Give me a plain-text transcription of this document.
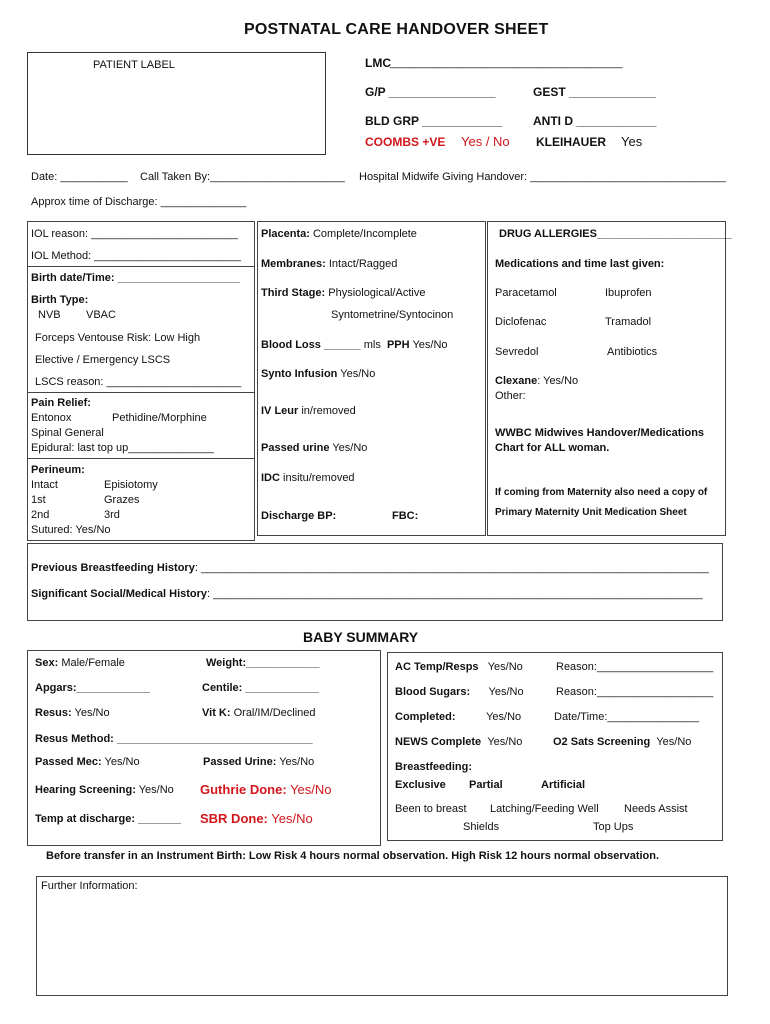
POSTNATAL CARE HANDOVER SHEET
PATIENT LABEL	LMC ______________________________________
G/P ________________	GEST _____________
BLD GRP ____________	ANTI D ____________
COOMBS +VE Yes / No KLEIHAUER Yes
Date: ___________ Call Taken By:______________________ Hospital Midwife Giving Handover: ________________________________
Approx time of Discharge: ______________
IOL reason: ________________________
IOL Method: ________________________
Birth date/Time: ____________________
Birth Type:
NVB VBAC
Forceps Ventouse Risk: Low High
Elective / Emergency LSCS
LSCS reason: ______________________
Pain Relief:
Entonox	Pethidine/Morphine
Spinal General
Epidural: last top up______________
Perineum:
Intact	Episiotomy
1st	Grazes
2nd	3rd
Sutured: Yes/No
Placenta: Complete/Incomplete
Membranes: Intact/Ragged
Third Stage: Physiological/Active
Syntometrine/Syntocinon
Blood Loss ______ mls PPH Yes/No
Synto Infusion Yes/No
IV Leur in/removed
Passed urine Yes/No
IDC insitu/removed
Discharge BP:	FBC:
DRUG ALLERGIES______________________
Medications and time last given:
Paracetamol	Ibuprofen
Diclofenac	Tramadol
Sevredol	Antibiotics
Clexane: Yes/No
Other:
WWBC Midwives Handover/Medications
Chart for ALL woman.
If coming from Maternity also need a copy of
Primary Maternity Unit Medication Sheet
Previous Breastfeeding History: ___________________________________________________________________________________
Significant Social/Medical History: ________________________________________________________________________________
BABY SUMMARY
Sex: Male/Female	Weight:____________
Apgars:____________	Centile: ____________
Resus: Yes/No	Vit K: Oral/IM/Declined
Resus Method: ________________________________
Passed Mec: Yes/No	Passed Urine: Yes/No
Hearing Screening: Yes/No Guthrie Done: Yes/No
Temp at discharge: _______ SBR Done: Yes/No
AC Temp/Resps Yes/No	Reason:___________________
Blood Sugars: Yes/No	Reason:___________________
Completed:	Yes/No	Date/Time:_______________
NEWS Complete Yes/No	O2 Sats Screening Yes/No
Breastfeeding:
Exclusive Partial	Artificial
Been to breast Latching/Feeding Well Needs Assist
Shields	Top Ups
Before transfer in an Instrument Birth: Low Risk 4 hours normal observation. High Risk 12 hours normal observation.
Further Information:
